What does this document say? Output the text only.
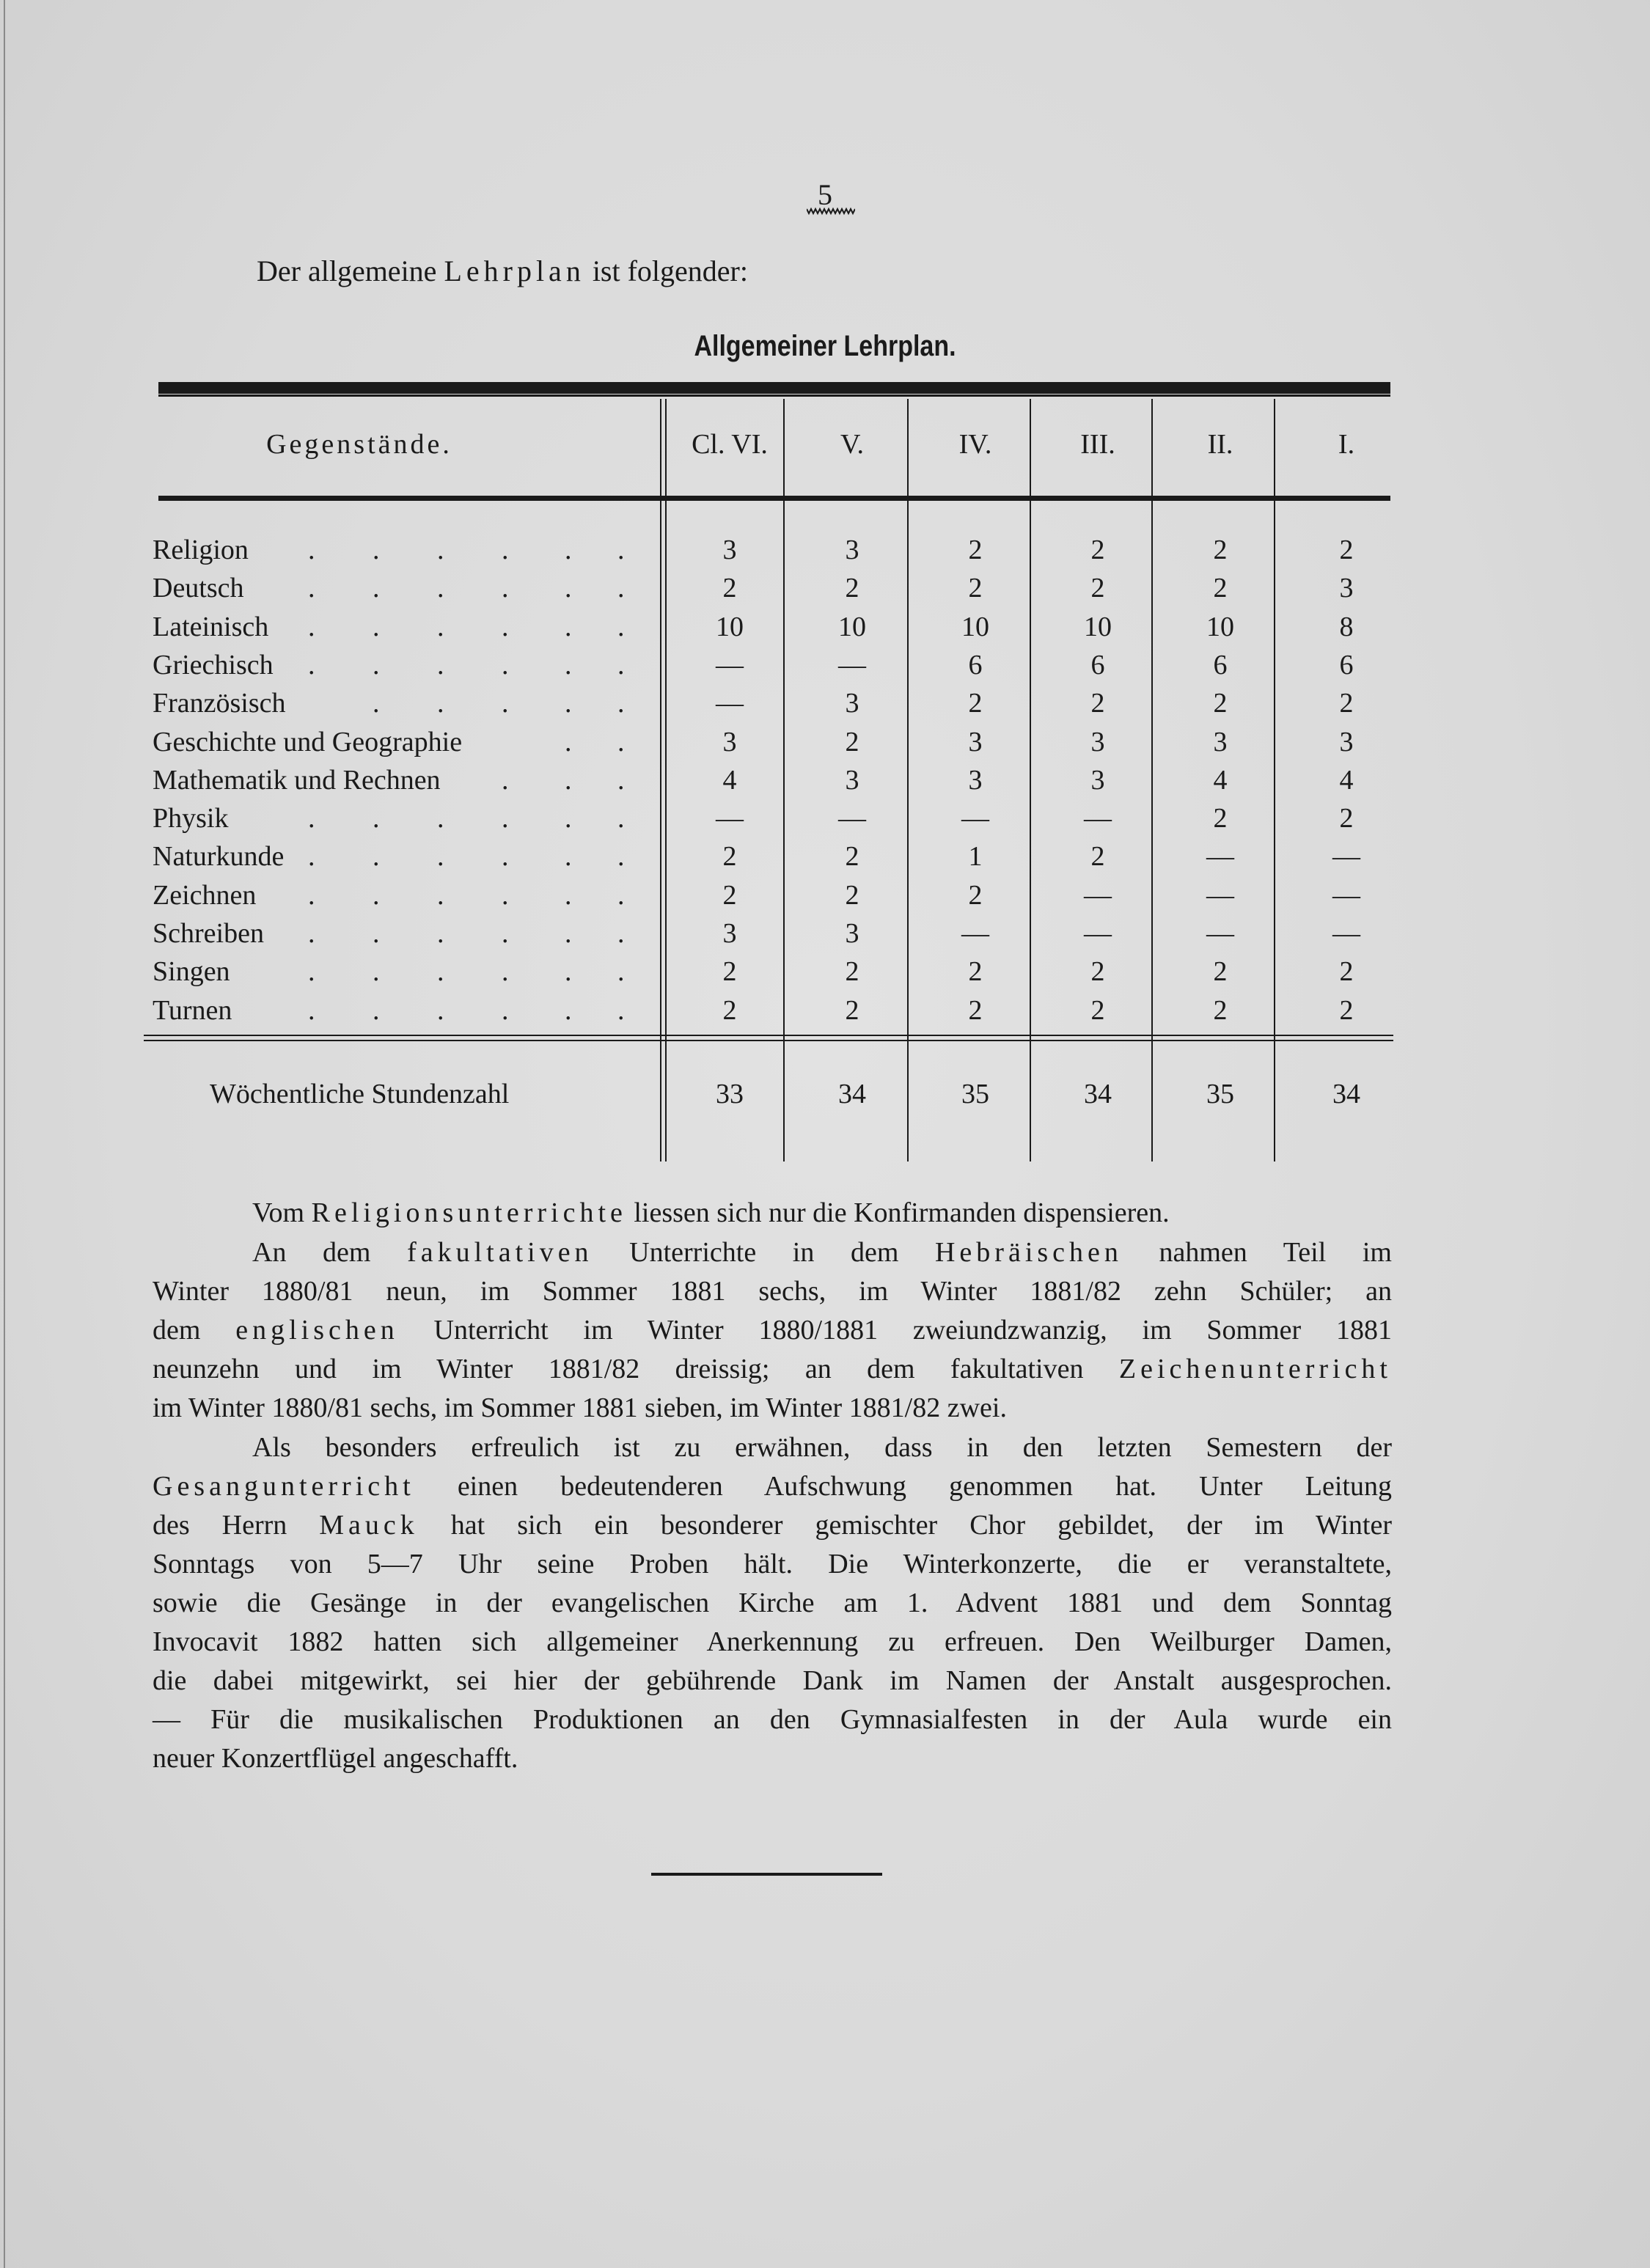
5
Der allgemeine Lehrplan ist folgender:
Allgemeiner Lehrplan.
Gegenstände.	Cl. VI.	V.	IV.	III.	II.	I.
Religion . . . . . .	3	3	2	2	2	2
Deutsch . . . . . .	2	2	2	2	2	3
Lateinisch . . . . . .	10	10	10	10	10	8
Griechisch . . . . . .	—	—	6	6	6	6
Französisch	. . . . .	—	3	2	2	2	2
Geschichte und Geographie	. .	3	2	3	3	3	3
Mathematik und Rechnen . . .	4	3	3	3	4	4
Physik	. . . . . .	—	—	—	—	2	2
Naturkunde . . . . . .	2	2	1	2	—	—
Zeichnen . . . . . .	2	2	2	—	—	—
Schreiben . . . . . .	3	3	—	—	—	—
Singen	. . . . . .	2	2	2	2	2	2
Turnen	. . . . . .	2	2	2	2	2	2
Wöchentliche Stundenzahl	33	34	35	34	35	34
Vom Religionsunterrichte liessen sich nur die Konfirmanden dispensieren.
An dem fakultativen Unterrichte in dem Hebräischen nahmen Teil im
Winter 1880/81 neun, im Sommer 1881 sechs, im Winter 1881/82 zehn Schüler; an
dem englischen Unterricht im Winter 1880/1881 zweiundzwanzig, im Sommer 1881
neunzehn und im Winter 1881/82 dreissig; an dem fakultativen Zeichenunterricht
im Winter 1880/81 sechs, im Sommer 1881 sieben, im Winter 1881/82 zwei.
Als besonders erfreulich ist zu erwähnen, dass in den letzten Semestern der
Gesangunterricht einen bedeutenderen Aufschwung genommen hat. Unter Leitung
des Herrn Mauck hat sich ein besonderer gemischter Chor gebildet, der im Winter
Sonntags von 5—7 Uhr seine Proben hält. Die Winterkonzerte, die er veranstaltete,
sowie die Gesänge in der evangelischen Kirche am 1. Advent 1881 und dem Sonntag
Invocavit 1882 hatten sich allgemeiner Anerkennung zu erfreuen. Den Weilburger Damen,
die dabei mitgewirkt, sei hier der gebührende Dank im Namen der Anstalt ausgesprochen.
— Für die musikalischen Produktionen an den Gymnasialfesten in der Aula wurde ein
neuer Konzertflügel angeschafft.
